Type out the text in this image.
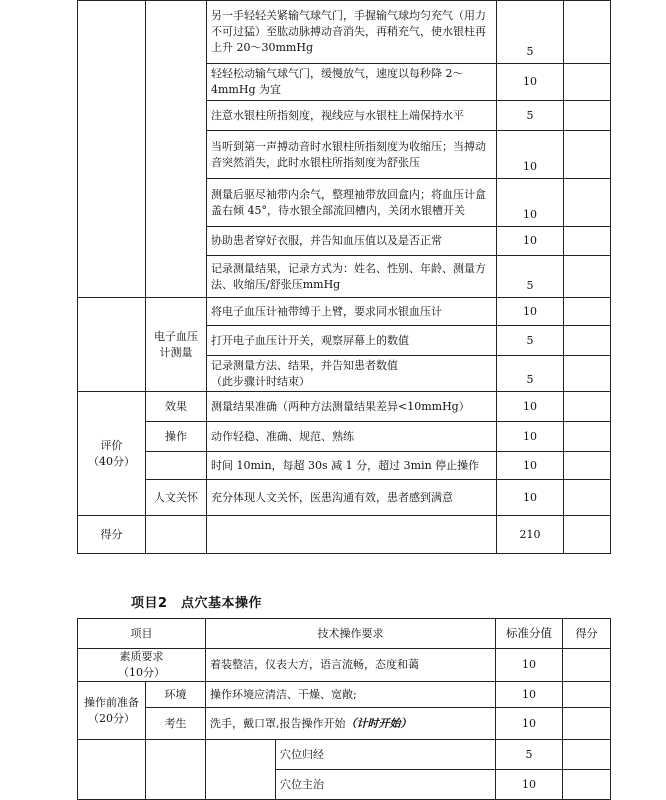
		另一手轻轻关紧输气球气门，手握输气球均匀充气（用力不可过猛）至肱动脉搏动音消失，再稍充气，使水银柱再上升 20～30mmHg	5	
		轻轻松动输气球气门，缓慢放气，速度以每秒降 2～4mmHg 为宜	10	
		注意水银柱所指刻度，视线应与水银柱上端保持水平	5	
		当听到第一声搏动音时水银柱所指刻度为收缩压；当搏动音突然消失，此时水银柱所指刻度为舒张压	10	
		测量后驱尽袖带内余气，整理袖带放回盒内；将血压计盒盖右倾 45°，待水银全部流回槽内，关闭水银槽开关	10	
		协助患者穿好衣服，并告知血压值以及是否正常	10	
		记录测量结果，记录方式为：姓名、性别、年龄、测量方法、收缩压/舒张压mmHg	5	
	电子血压计测量	将电子血压计袖带缚于上臂，要求同水银血压计	10	
		打开电子血压计开关，观察屏幕上的数值	5	
		记录测量方法、结果，并告知患者数值
（此步骤计时结束）	5	
评价
（40分）	效果	测量结果准确（两种方法测量结果差异<10mmHg）	10	
	操作	动作轻稳、准确、规范、熟练	10	
		时间 10min，每超 30s 减 1 分，超过 3min 停止操作	10	
	人文关怀	充分体现人文关怀，医患沟通有效，患者感到满意	10	
得分			210	
项目2　点穴基本操作
项目		技术操作要求		标准分值	得分
素质要求
（10分）		着装整洁，仪表大方，语言流畅，态度和蔼		10	
操作前准备
（20分）	环境	操作环境应清洁、干燥、宽敞;		10	
	考生	洗手，戴口罩,报告操作开始（计时开始）		10	
			穴位归经	5	
			穴位主治	10	
